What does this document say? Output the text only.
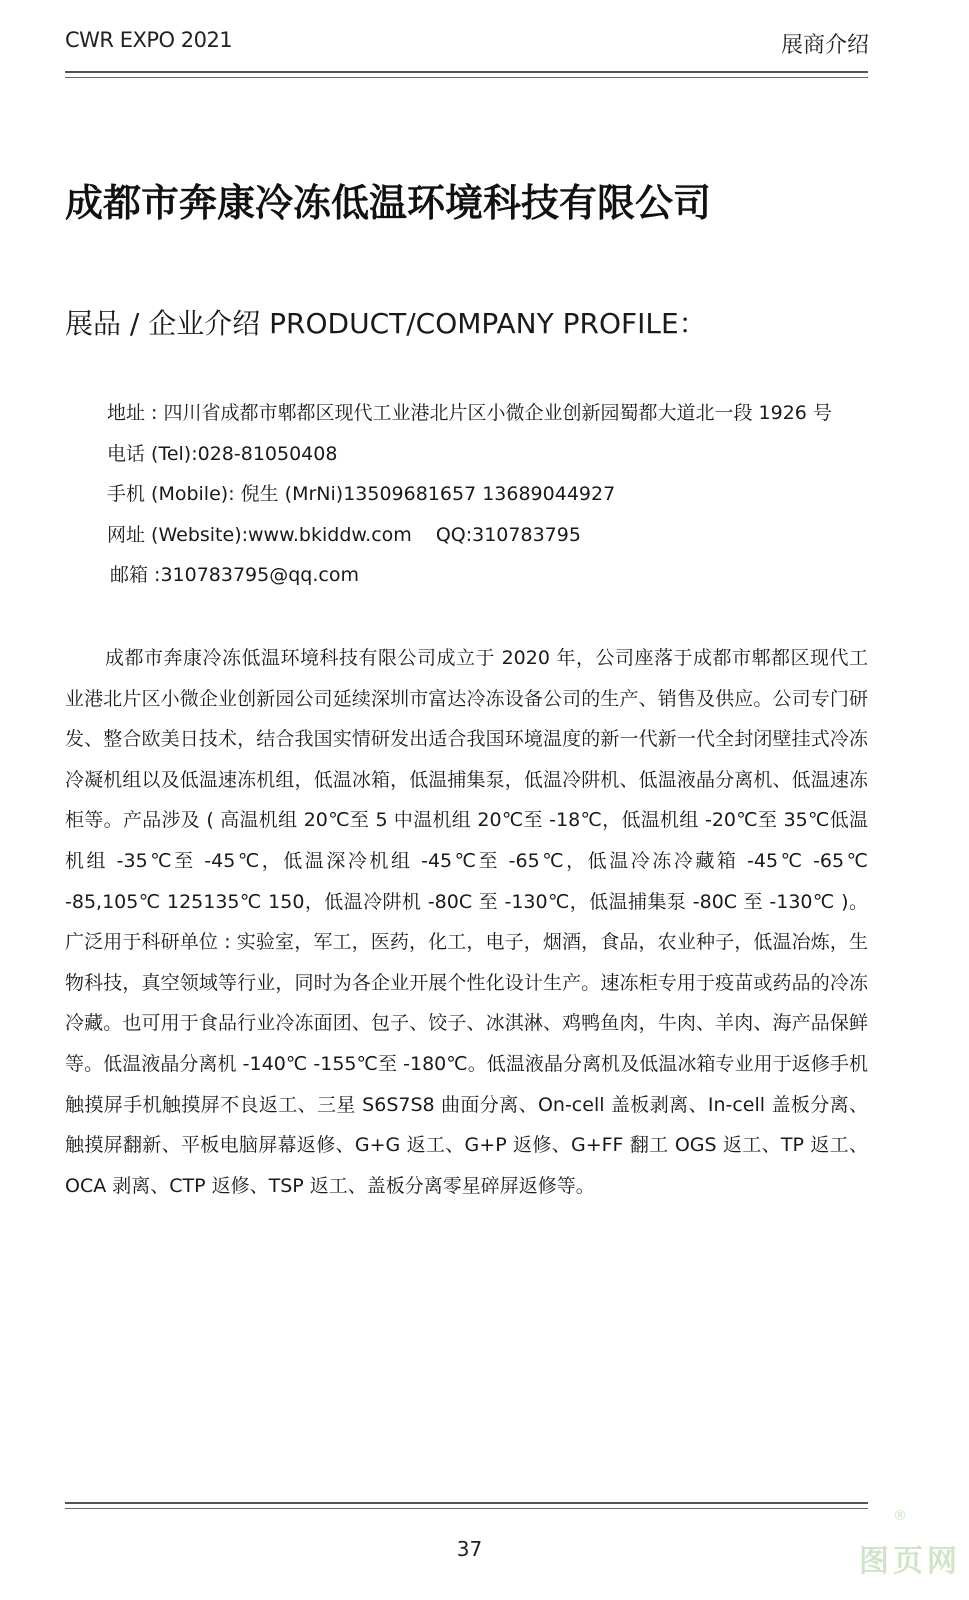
CWR EXPO 2021	展商介绍
成都市奔康冷冻低温环境科技有限公司
展品 / 企业介绍 PRODUCT/COMPANY PROFILE：
地址 : 四川省成都市郫都区现代工业港北片区小微企业创新园蜀都大道北一段 1926 号
电话 (Tel):028-81050408
手机 (Mobile): 倪生 (MrNi)13509681657 13689044927
网址 (Website):www.bkiddw.com QQ:310783795
邮箱 :310783795@qq.com

成都市奔康冷冻低温环境科技有限公司成立于 2020 年，公司座落于成都市郫都区现代工业港北片区小微企业创新园公司延续深圳市富达冷冻设备公司的生产、销售及供应。公司专门研发、整合欧美日技术，结合我国实情研发出适合我国环境温度的新一代新一代全封闭壁挂式冷冻冷凝机组以及低温速冻机组，低温冰箱，低温捕集泵，低温冷阱机、低温液晶分离机、低温速冻柜等。产品涉及 ( 高温机组 20℃至 5 中温机组 20℃至 -18℃，低温机组 -20℃至 35℃低温机组 -35℃至 -45℃，低温深冷机组 -45℃至 -65℃，低温冷冻冷藏箱 -45℃ -65℃ -85,105℃ 125135℃ 150，低温冷阱机 -80C 至 -130℃，低温捕集泵 -80C 至 -130℃ )。广泛用于科研单位 : 实验室，军工，医药，化工，电子，烟酒，食品，农业种子，低温冶炼，生物科技，真空领域等行业，同时为各企业开展个性化设计生产。速冻柜专用于疫苗或药品的冷冻冷藏。也可用于食品行业冷冻面团、包子、饺子、冰淇淋、鸡鸭鱼肉，牛肉、羊肉、海产品保鲜等。低温液晶分离机 -140℃ -155℃至 -180℃。低温液晶分离机及低温冰箱专业用于返修手机触摸屏手机触摸屏不良返工、三星 S6S7S8 曲面分离、On-cell 盖板剥离、In-cell 盖板分离、触摸屏翻新、平板电脑屏幕返修、G+G 返工、G+P 返修、G+FF 翻工 OGS 返工、TP 返工、OCA 剥离、CTP 返修、TSP 返工、盖板分离零星碎屏返修等。

37
®
图页网
